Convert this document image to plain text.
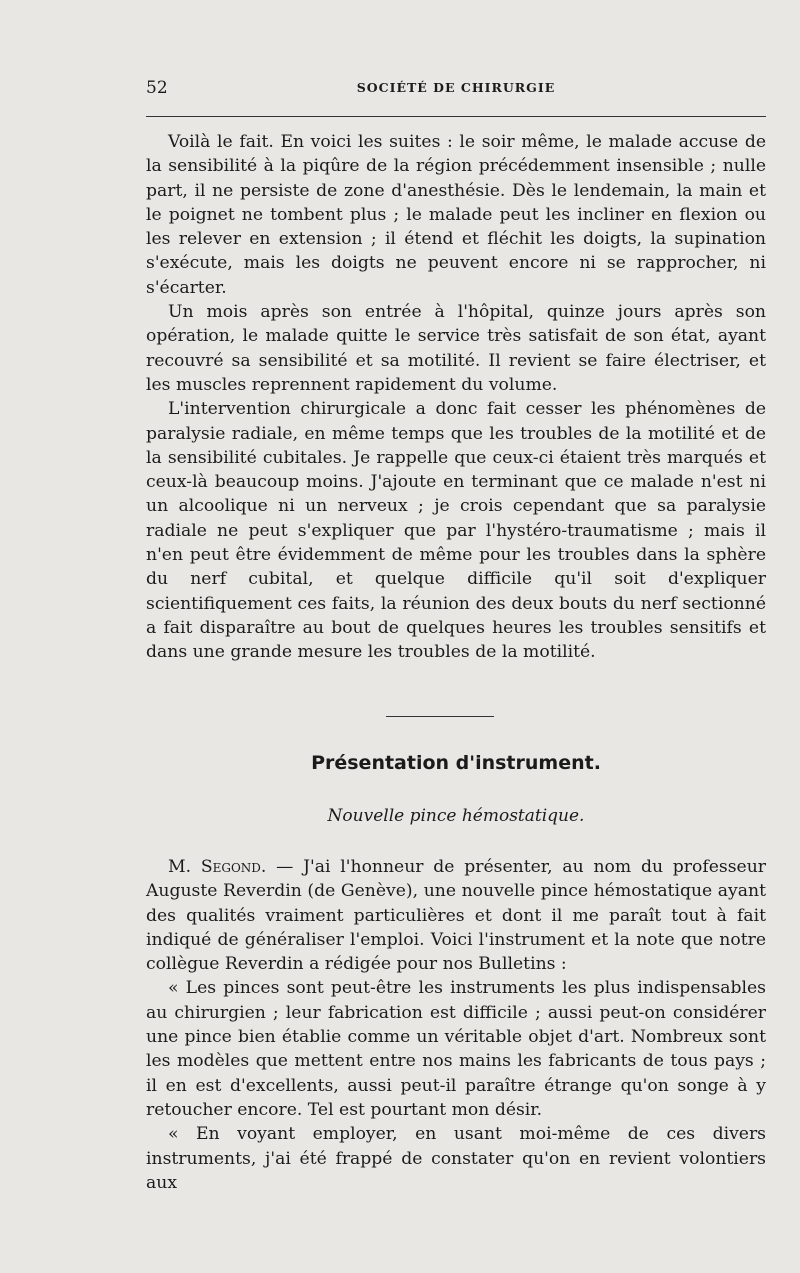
52	SOCIÉTÉ DE CHIRURGIE

Voilà le fait. En voici les suites : le soir même, le malade accuse de la sensibilité à la piqûre de la région précédemment insensible ; nulle part, il ne persiste de zone d'anesthésie. Dès le lendemain, la main et le poignet ne tombent plus ; le malade peut les incliner en flexion ou les relever en extension ; il étend et fléchit les doigts, la supination s'exécute, mais les doigts ne peuvent encore ni se rapprocher, ni s'écarter.

Un mois après son entrée à l'hôpital, quinze jours après son opération, le malade quitte le service très satisfait de son état, ayant recouvré sa sensibilité et sa motilité. Il revient se faire électriser, et les muscles reprennent rapidement du volume.

L'intervention chirurgicale a donc fait cesser les phénomènes de paralysie radiale, en même temps que les troubles de la motilité et de la sensibilité cubitales. Je rappelle que ceux-ci étaient très marqués et ceux-là beaucoup moins. J'ajoute en terminant que ce malade n'est ni un alcoolique ni un nerveux ; je crois cependant que sa paralysie radiale ne peut s'expliquer que par l'hystéro-traumatisme ; mais il n'en peut être évidemment de même pour les troubles dans la sphère du nerf cubital, et quelque difficile qu'il soit d'expliquer scientifiquement ces faits, la réunion des deux bouts du nerf sectionné a fait disparaître au bout de quelques heures les troubles sensitifs et dans une grande mesure les troubles de la motilité.

Présentation d'instrument.
Nouvelle pince hémostatique.

M. Segond. — J'ai l'honneur de présenter, au nom du professeur Auguste Reverdin (de Genève), une nouvelle pince hémostatique ayant des qualités vraiment particulières et dont il me paraît tout à fait indiqué de généraliser l'emploi. Voici l'instrument et la note que notre collègue Reverdin a rédigée pour nos Bulletins :

« Les pinces sont peut-être les instruments les plus indispensables au chirurgien ; leur fabrication est difficile ; aussi peut-on considérer une pince bien établie comme un véritable objet d'art. Nombreux sont les modèles que mettent entre nos mains les fabricants de tous pays ; il en est d'excellents, aussi peut-il paraître étrange qu'on songe à y retoucher encore. Tel est pourtant mon désir.

« En voyant employer, en usant moi-même de ces divers instruments, j'ai été frappé de constater qu'on en revient volontiers aux
